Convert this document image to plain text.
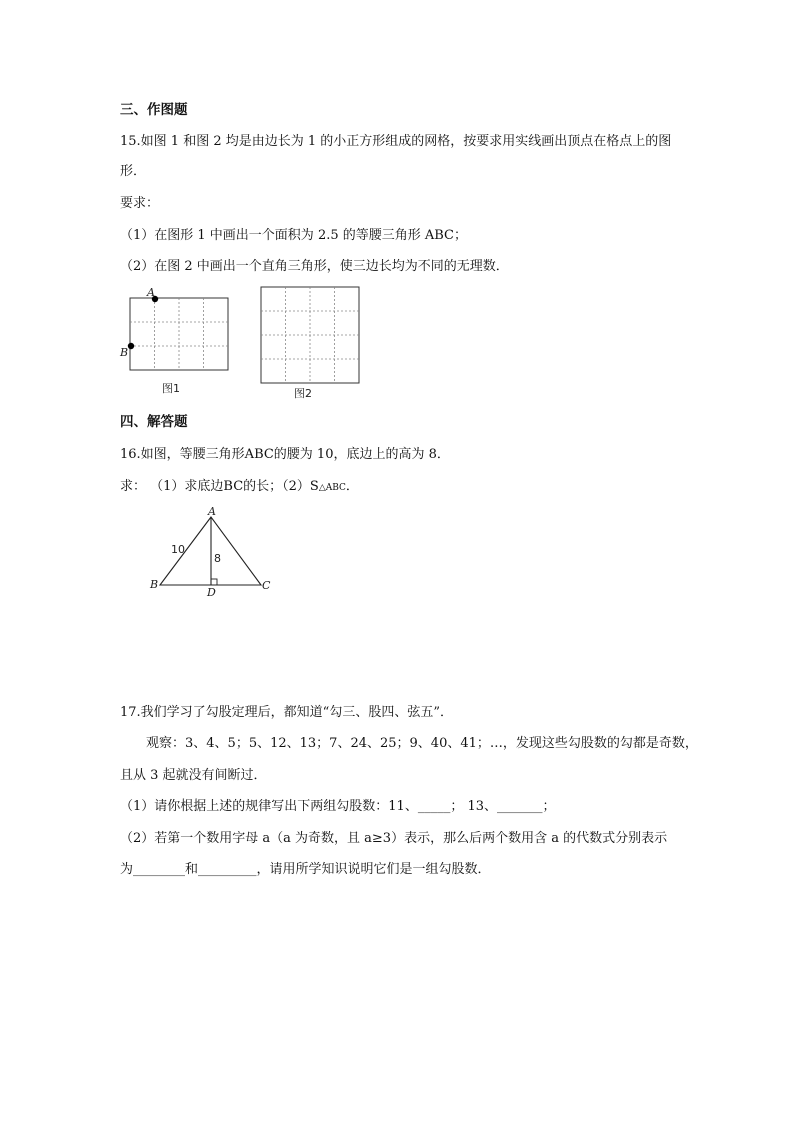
三、作图题
15.如图 1 和图 2 均是由边长为 1 的小正方形组成的网格，按要求用实线画出顶点在格点上的图
形．
要求：
（1）在图形 1 中画出一个面积为 2.5 的等腰三角形 ABC；
（2）在图 2 中画出一个直角三角形，使三边长均为不同的无理数．
A
B
图1	图2
四、解答题
16.如图，等腰三角形ABC的腰为 10，底边上的高为 8．
求： （1）求底边BC的长；（2）S△ABC．
A
B	C
D
10
8
17.我们学习了勾股定理后，都知道“勾三、股四、弦五”．
观察：3、4、5；5、12、13；7、24、25；9、40、41；…，发现这些勾股数的勾都是奇数，
且从 3 起就没有间断过．
（1）请你根据上述的规律写出下两组勾股数：11、_____； 13、_______；
（2）若第一个数用字母 a（a 为奇数，且 a≥3）表示，那么后两个数用含 a 的代数式分别表示
为________和_________，请用所学知识说明它们是一组勾股数．
